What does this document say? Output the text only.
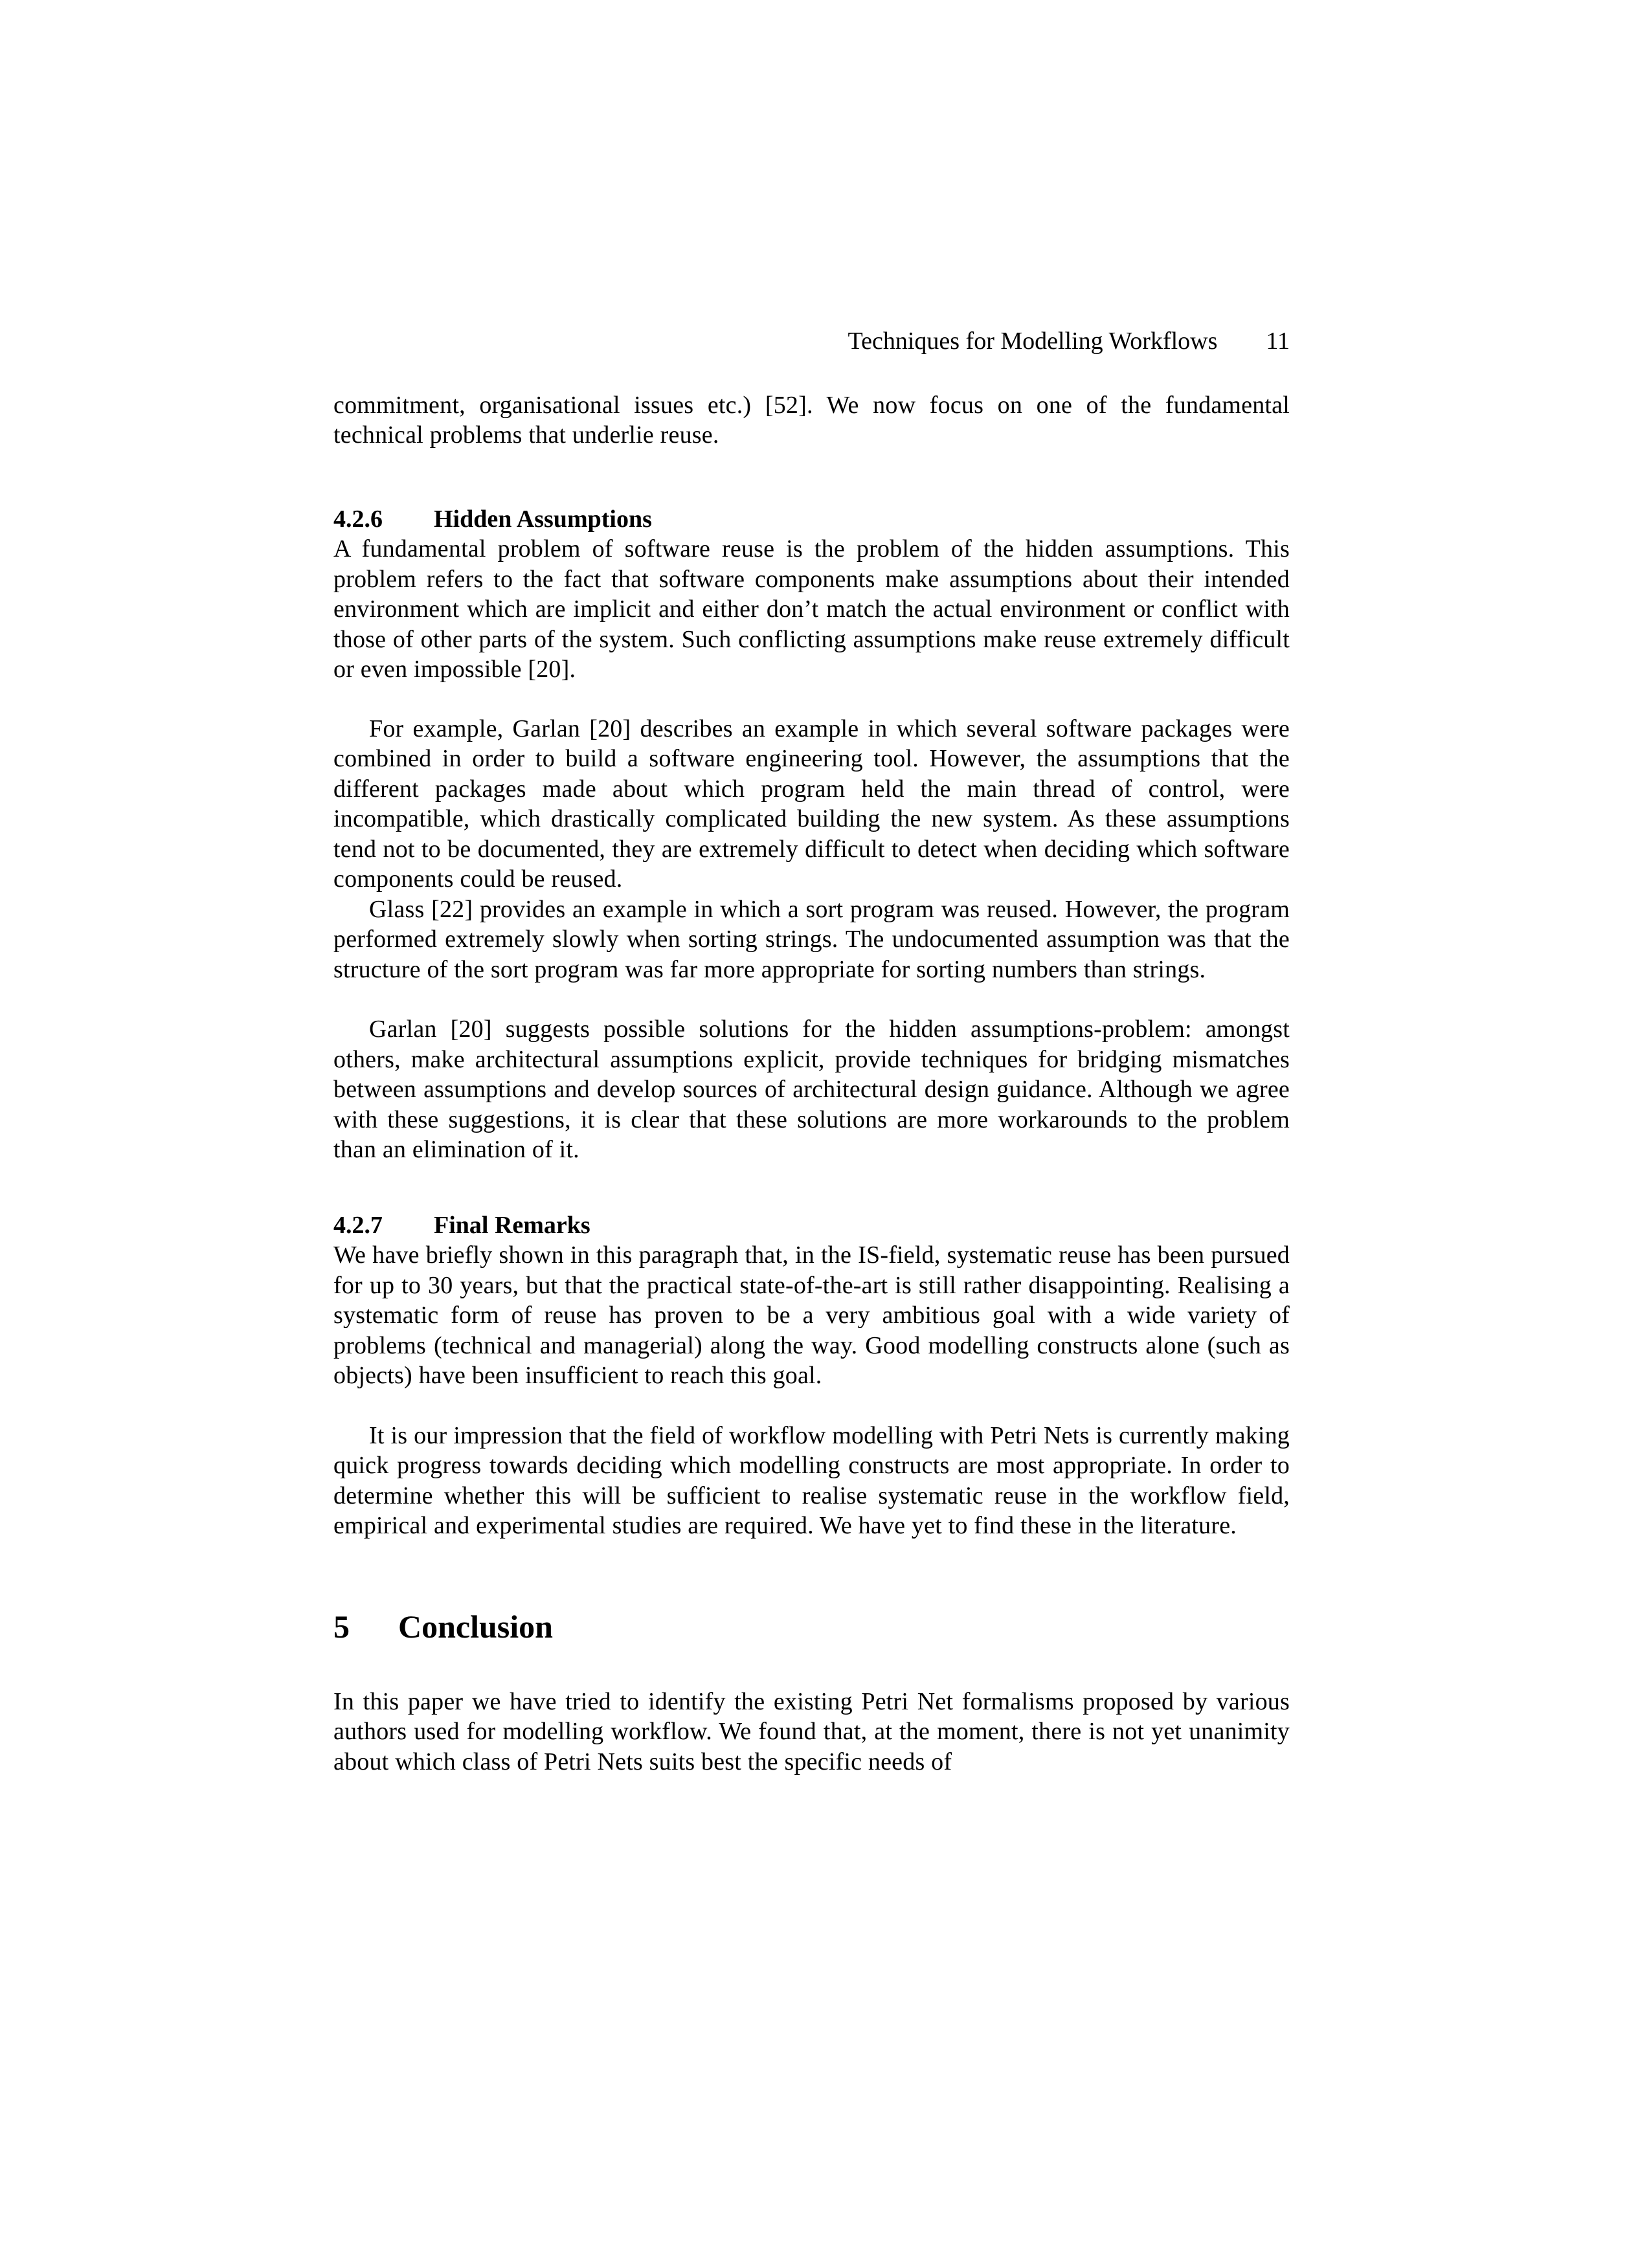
Techniques for Modelling Workflows 11

commitment, organisational issues etc.) [52]. We now focus on one of the fundamental technical problems that underlie reuse.

4.2.6	Hidden Assumptions

A fundamental problem of software reuse is the problem of the hidden assumptions. This problem refers to the fact that software components make assumptions about their intended environment which are implicit and either don’t match the actual environment or conflict with those of other parts of the system. Such conflicting assumptions make reuse extremely difficult or even impossible [20].

For example, Garlan [20] describes an example in which several software packages were combined in order to build a software engineering tool. However, the assumptions that the different packages made about which program held the main thread of control, were incompatible, which drastically complicated building the new system. As these assumptions tend not to be documented, they are extremely difficult to detect when deciding which software components could be reused.

Glass [22] provides an example in which a sort program was reused. However, the program performed extremely slowly when sorting strings. The undocumented assumption was that the structure of the sort program was far more appropriate for sorting numbers than strings.

Garlan [20] suggests possible solutions for the hidden assumptions-problem: amongst others, make architectural assumptions explicit, provide techniques for bridging mismatches between assumptions and develop sources of architectural design guidance. Although we agree with these suggestions, it is clear that these solutions are more workarounds to the problem than an elimination of it.

4.2.7	Final Remarks

We have briefly shown in this paragraph that, in the IS-field, systematic reuse has been pursued for up to 30 years, but that the practical state-of-the-art is still rather disappointing. Realising a systematic form of reuse has proven to be a very ambitious goal with a wide variety of problems (technical and managerial) along the way. Good modelling constructs alone (such as objects) have been insufficient to reach this goal.

It is our impression that the field of workflow modelling with Petri Nets is currently making quick progress towards deciding which modelling constructs are most appropriate. In order to determine whether this will be sufficient to realise systematic reuse in the workflow field, empirical and experimental studies are required. We have yet to find these in the literature.

5	Conclusion

In this paper we have tried to identify the existing Petri Net formalisms proposed by various authors used for modelling workflow. We found that, at the moment, there is not yet unanimity about which class of Petri Nets suits best the specific needs of
